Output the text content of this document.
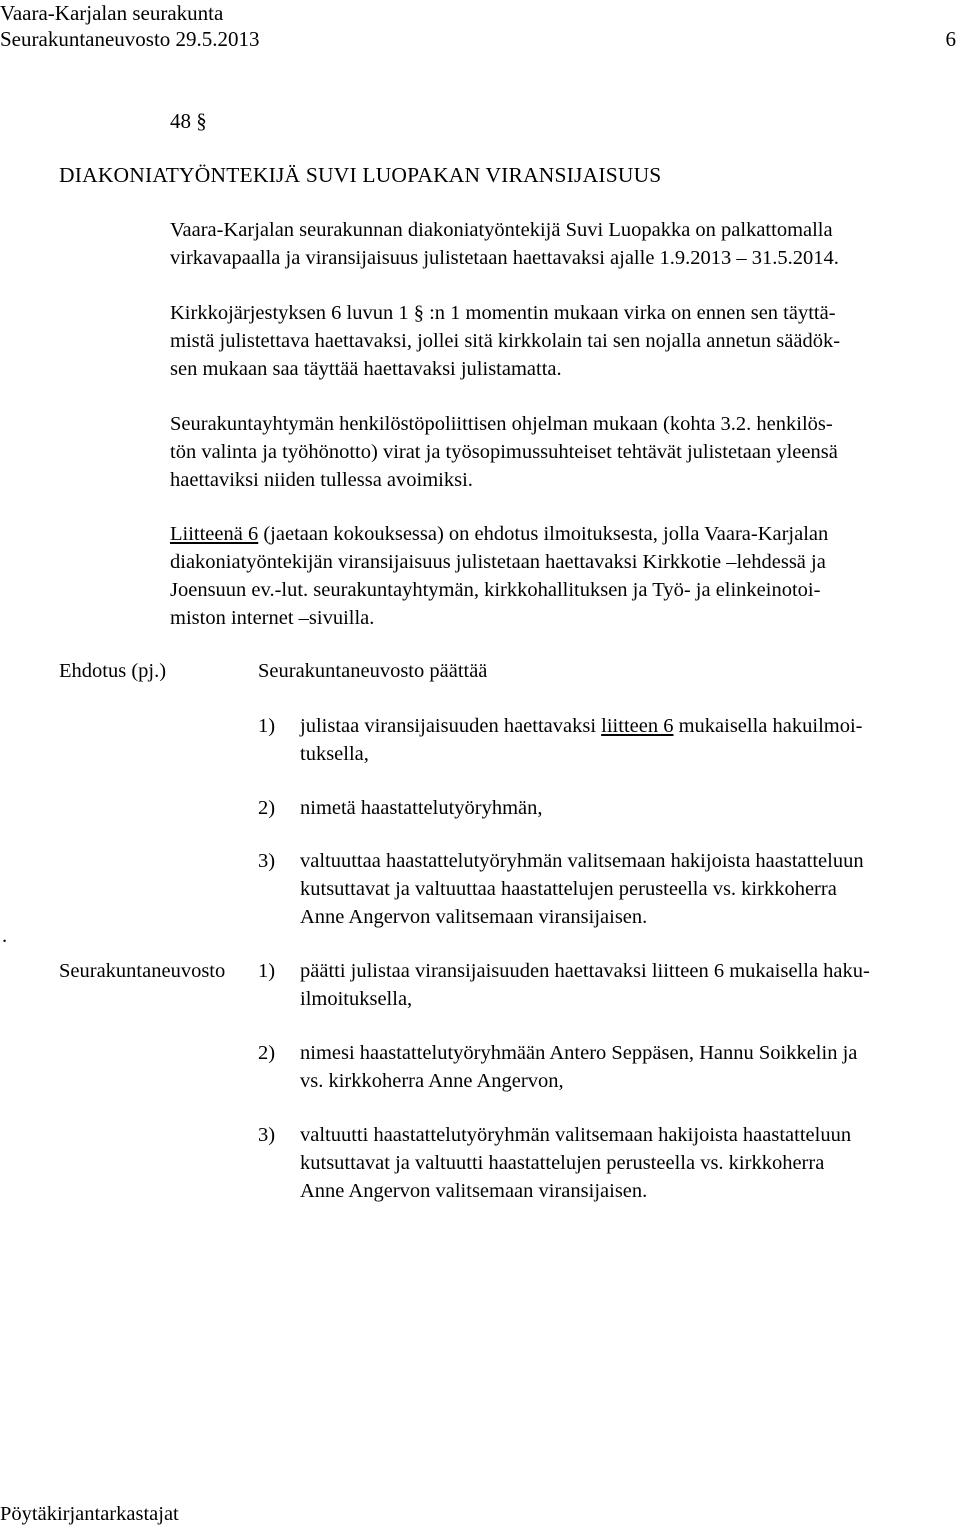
Vaara-Karjalan seurakunta
Seurakuntaneuvosto 29.5.2013	6
48 §
DIAKONIATYÖNTEKIJÄ SUVI LUOPAKAN VIRANSIJAISUUS
Vaara-Karjalan seurakunnan diakoniatyöntekijä Suvi Luopakka on palkattomalla
virkavapaalla ja viransijaisuus julistetaan haettavaksi ajalle 1.9.2013 – 31.5.2014.
Kirkkojärjestyksen 6 luvun 1 § :n 1 momentin mukaan virka on ennen sen täyttä-
mistä julistettava haettavaksi, jollei sitä kirkkolain tai sen nojalla annetun säädök-
sen mukaan saa täyttää haettavaksi julistamatta.
Seurakuntayhtymän henkilöstöpoliittisen ohjelman mukaan (kohta 3.2. henkilös-
tön valinta ja työhönotto) virat ja työsopimussuhteiset tehtävät julistetaan yleensä
haettaviksi niiden tullessa avoimiksi.
Liitteenä 6 (jaetaan kokouksessa) on ehdotus ilmoituksesta, jolla Vaara-Karjalan
diakoniatyöntekijän viransijaisuus julistetaan haettavaksi Kirkkotie –lehdessä ja
Joensuun ev.-lut. seurakuntayhtymän, kirkkohallituksen ja Työ- ja elinkeinotoi-
miston internet –sivuilla.
Ehdotus (pj.)	Seurakuntaneuvosto päättää
1) julistaa viransijaisuuden haettavaksi liitteen 6 mukaisella hakuilmoi-
tuksella,
2) nimetä haastattelutyöryhmän,
3) valtuuttaa haastattelutyöryhmän valitsemaan hakijoista haastatteluun
kutsuttavat ja valtuuttaa haastattelujen perusteella vs. kirkkoherra
Anne Angervon valitsemaan viransijaisen.
.
Seurakuntaneuvosto 1) päätti julistaa viransijaisuuden haettavaksi liitteen 6 mukaisella haku-
ilmoituksella,
2) nimesi haastattelutyöryhmään Antero Seppäsen, Hannu Soikkelin ja
vs. kirkkoherra Anne Angervon,
3) valtuutti haastattelutyöryhmän valitsemaan hakijoista haastatteluun
kutsuttavat ja valtuutti haastattelujen perusteella vs. kirkkoherra
Anne Angervon valitsemaan viransijaisen.
Pöytäkirjantarkastajat
